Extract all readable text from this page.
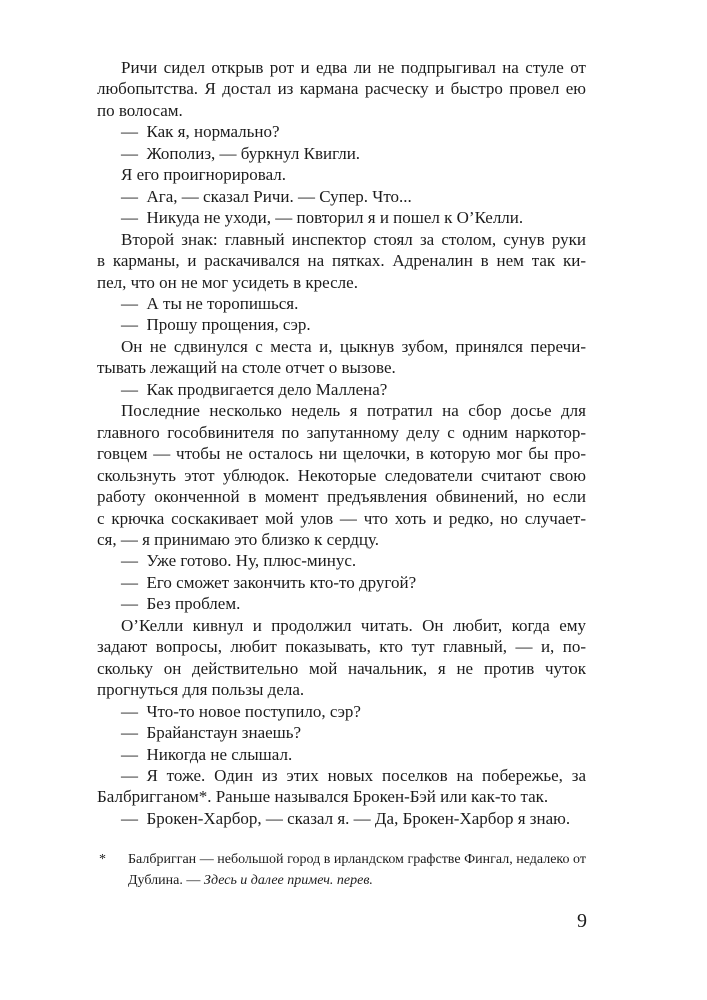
Ричи сидел открыв рот и едва ли не подпрыгивал на стуле от
любопытства. Я достал из кармана расческу и быстро провел ею
по волосам.

— Как я, нормально?

— Жополиз, — буркнул Квигли.

Я его проигнорировал.

— Ага, — сказал Ричи. — Супер. Что...

— Никуда не уходи, — повторил я и пошел к О’Келли.

Второй знак: главный инспектор стоял за столом, сунув руки
в карманы, и раскачивался на пятках. Адреналин в нем так ки-
пел, что он не мог усидеть в кресле.

— А ты не торопишься.

— Прошу прощения, сэр.

Он не сдвинулся с места и, цыкнув зубом, принялся перечи-
тывать лежащий на столе отчет о вызове.

— Как продвигается дело Маллена?

Последние несколько недель я потратил на сбор досье для
главного гособвинителя по запутанному делу с одним наркотор-
говцем — чтобы не осталось ни щелочки, в которую мог бы про-
скользнуть этот ублюдок. Некоторые следователи считают свою
работу оконченной в момент предъявления обвинений, но если
с крючка соскакивает мой улов — что хоть и редко, но случает-
ся, — я принимаю это близко к сердцу.

— Уже готово. Ну, плюс-минус.

— Его сможет закончить кто-то другой?

— Без проблем.

О’Келли кивнул и продолжил читать. Он любит, когда ему
задают вопросы, любит показывать, кто тут главный, — и, по-
скольку он действительно мой начальник, я не против чуток
прогнуться для пользы дела.

— Что-то новое поступило, сэр?

— Брайанстаун знаешь?

— Никогда не слышал.

— Я тоже. Один из этих новых поселков на побережье, за
Балбригганом*. Раньше назывался Брокен-Бэй или как-то так.

— Брокен-Харбор, — сказал я. — Да, Брокен-Харбор я знаю.

* Балбригган — небольшой город в ирландском графстве Фингал, недалеко от
Дублина. — Здесь и далее примеч. перев.
9
